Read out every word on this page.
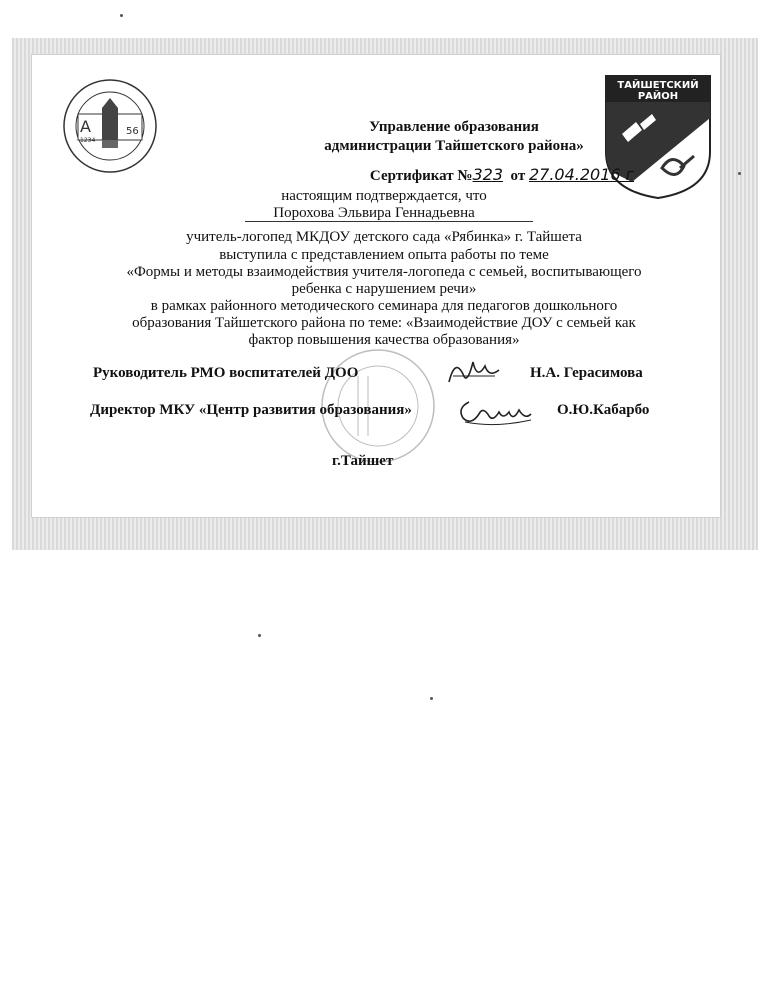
А
1234
56
ТАЙШЕТСКИЙ
РАЙОН
Управление образования
администрации Тайшетского района»
Сертификат №323 от 27.04.2016 г
настоящим подтверждается, что
Порохова Эльвира Геннадьевна
учитель-логопед МКДОУ детского сада «Рябинка» г. Тайшета
выступила с представлением опыта работы по теме
«Формы и методы взаимодействия учителя-логопеда с семьей, воспитывающего
ребенка с нарушением речи»
в рамках районного методического семинара для педагогов дошкольного
образования Тайшетского района по теме: «Взаимодействие ДОУ с семьей как
фактор повышения качества образования»
Руководитель РМО воспитателей ДОО	Н.А. Герасимова
Директор МКУ «Центр развития образования»	О.Ю.Кабарбо
г.Тайшет
